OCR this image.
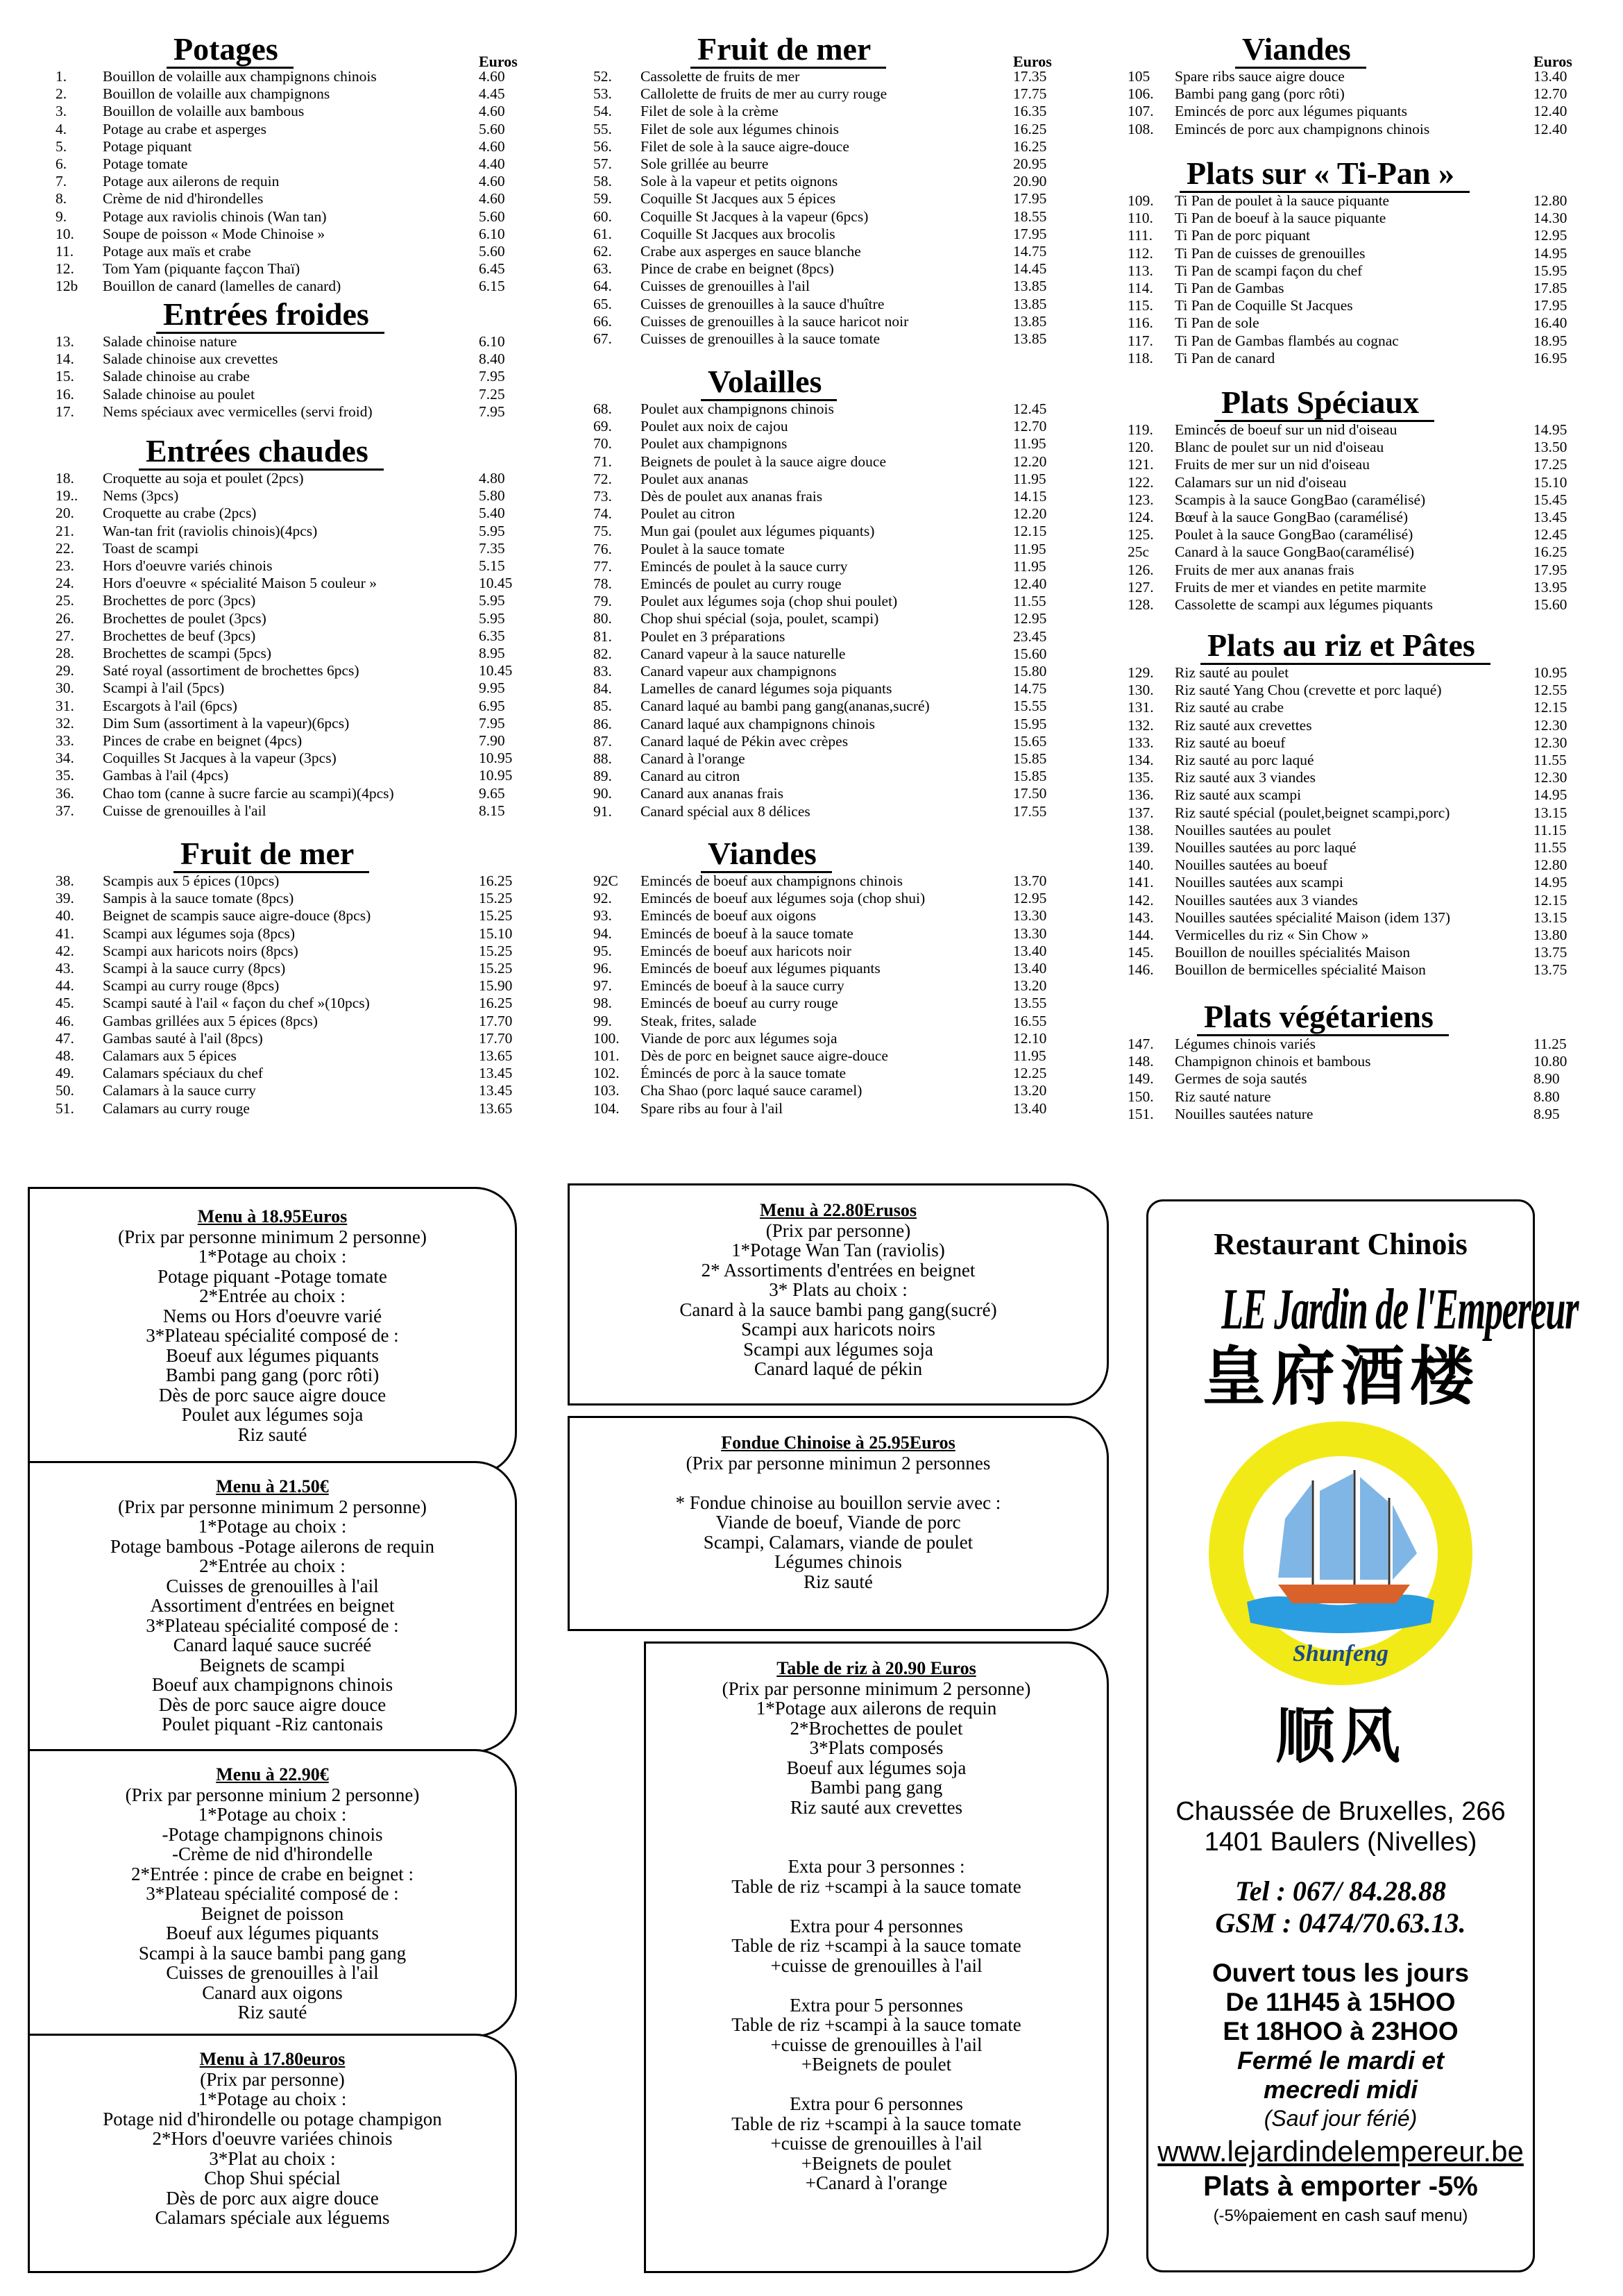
Potages	Euros
1. Bouillon de volaille aux champignons chinois	4.60
2. Bouillon de volaille aux champignons	4.45
3. Bouillon de volaille aux bambous	4.60
4. Potage au crabe et asperges	5.60
5. Potage piquant	4.60
6. Potage tomate	4.40
7. Potage aux ailerons de requin	4.60
8. Crème de nid d'hirondelles	4.60
9. Potage aux raviolis chinois (Wan tan)	5.60
10. Soupe de poisson « Mode Chinoise »	6.10
11. Potage aux maïs et crabe	5.60
12. Tom Yam (piquante façcon Thaï)	6.45
12b Bouillon de canard (lamelles de canard)	6.15
Entrées froides
13. Salade chinoise nature	6.10
14. Salade chinoise aux crevettes	8.40
15. Salade chinoise au crabe	7.95
16. Salade chinoise au poulet	7.25
17. Nems spéciaux avec vermicelles (servi froid)	7.95
Entrées chaudes
18. Croquette au soja et poulet (2pcs)	4.80
19.. Nems (3pcs)	5.80
20. Croquette au crabe (2pcs)	5.40
21. Wan-tan frit (raviolis chinois)(4pcs)	5.95
22. Toast de scampi	7.35
23. Hors d'oeuvre variés chinois	5.15
24. Hors d'oeuvre « spécialité Maison 5 couleur »	10.45
25. Brochettes de porc (3pcs)	5.95
26. Brochettes de poulet (3pcs)	5.95
27. Brochettes de beuf (3pcs)	6.35
28. Brochettes de scampi (5pcs)	8.95
29. Saté royal (assortiment de brochettes 6pcs)	10.45
30. Scampi à l'ail (5pcs)	9.95
31. Escargots à l'ail (6pcs)	6.95
32. Dim Sum (assortiment à la vapeur)(6pcs)	7.95
33. Pinces de crabe en beignet (4pcs)	7.90
34. Coquilles St Jacques à la vapeur (3pcs)	10.95
35. Gambas à l'ail (4pcs)	10.95
36. Chao tom (canne à sucre farcie au scampi)(4pcs)	9.65
37. Cuisse de grenouilles à l'ail	8.15
Fruit de mer
38. Scampis aux 5 épices (10pcs)	16.25
39. Sampis à la sauce tomate (8pcs)	15.25
40. Beignet de scampis sauce aigre-douce (8pcs)	15.25
41. Scampi aux légumes soja (8pcs)	15.10
42. Scampi aux haricots noirs (8pcs)	15.25
43. Scampi à la sauce curry (8pcs)	15.25
44. Scampi au curry rouge (8pcs)	15.90
45. Scampi sauté à l'ail « façon du chef »(10pcs)	16.25
46. Gambas grillées aux 5 épices (8pcs)	17.70
47. Gambas sauté à l'ail (8pcs)	17.70
48. Calamars aux 5 épices	13.65
49. Calamars spéciaux du chef	13.45
50. Calamars à la sauce curry	13.45
51. Calamars au curry rouge	13.65
Fruit de mer	Euros
52. Cassolette de fruits de mer	17.35
53. Callolette de fruits de mer au curry rouge	17.75
54. Filet de sole à la crème	16.35
55. Filet de sole aux légumes chinois	16.25
56. Filet de sole à la sauce aigre-douce	16.25
57. Sole grillée au beurre	20.95
58. Sole à la vapeur et petits oignons	20.90
59. Coquille St Jacques aux 5 épices	17.95
60. Coquille St Jacques à la vapeur (6pcs)	18.55
61. Coquille St Jacques aux brocolis	17.95
62. Crabe aux asperges en sauce blanche	14.75
63. Pince de crabe en beignet (8pcs)	14.45
64. Cuisses de grenouilles à l'ail	13.85
65. Cuisses de grenouilles à la sauce d'huître	13.85
66. Cuisses de grenouilles à la sauce haricot noir	13.85
67. Cuisses de grenouilles à la sauce tomate	13.85
Volailles
68. Poulet aux champignons chinois	12.45
69. Poulet aux noix de cajou	12.70
70. Poulet aux champignons	11.95
71. Beignets de poulet à la sauce aigre douce	12.20
72. Poulet aux ananas	11.95
73. Dès de poulet aux ananas frais	14.15
74. Poulet au citron	12.20
75. Mun gai (poulet aux légumes piquants)	12.15
76. Poulet à la sauce tomate	11.95
77. Emincés de poulet à la sauce curry	11.95
78. Emincés de poulet au curry rouge	12.40
79. Poulet aux légumes soja (chop shui poulet)	11.55
80. Chop shui spécial (soja, poulet, scampi)	12.95
81. Poulet en 3 préparations	23.45
82. Canard vapeur à la sauce naturelle	15.60
83. Canard vapeur aux champignons	15.80
84. Lamelles de canard légumes soja piquants	14.75
85. Canard laqué au bambi pang gang(ananas,sucré)	15.55
86. Canard laqué aux champignons chinois	15.95
87. Canard laqué de Pékin avec crèpes	15.65
88. Canard à l'orange	15.85
89. Canard au citron	15.85
90. Canard aux ananas frais	17.50
91. Canard spécial aux 8 délices	17.55
Viandes
92C Emincés de boeuf aux champignons chinois	13.70
92. Emincés de boeuf aux légumes soja (chop shui)	12.95
93. Emincés de boeuf aux oigons	13.30
94. Emincés de boeuf à la sauce tomate	13.30
95. Emincés de boeuf aux haricots noir	13.40
96. Emincés de boeuf aux légumes piquants	13.40
97. Emincés de boeuf à la sauce curry	13.20
98. Emincés de boeuf au curry rouge	13.55
99. Steak, frites, salade	16.55
100. Viande de porc aux légumes soja	12.10
101. Dès de porc en beignet sauce aigre-douce	11.95
102. Émincés de porc à la sauce tomate	12.25
103. Cha Shao (porc laqué sauce caramel)	13.20
104. Spare ribs au four à l'ail	13.40
Viandes	Euros
105 Spare ribs sauce aigre douce	13.40
106. Bambi pang gang (porc rôti)	12.70
107. Emincés de porc aux légumes piquants	12.40
108. Emincés de porc aux champignons chinois	12.40
Plats sur « Ti-Pan »
109. Ti Pan de poulet à la sauce piquante	12.80
110. Ti Pan de boeuf à la sauce piquante	14.30
111. Ti Pan de porc piquant	12.95
112. Ti Pan de cuisses de grenouilles	14.95
113. Ti Pan de scampi façon du chef	15.95
114. Ti Pan de Gambas	17.85
115. Ti Pan de Coquille St Jacques	17.95
116. Ti Pan de sole	16.40
117. Ti Pan de Gambas flambés au cognac	18.95
118. Ti Pan de canard	16.95
Plats Spéciaux
119. Emincés de boeuf sur un nid d'oiseau	14.95
120. Blanc de poulet sur un nid d'oiseau	13.50
121. Fruits de mer sur un nid d'oiseau	17.25
122. Calamars sur un nid d'oiseau	15.10
123. Scampis à la sauce GongBao (caramélisé)	15.45
124. Bœuf à la sauce GongBao (caramélisé)	13.45
125. Poulet à la sauce GongBao (caramélisé)	12.45
25c Canard à la sauce GongBao(caramélisé)	16.25
126. Fruits de mer aux ananas frais	17.95
127. Fruits de mer et viandes en petite marmite	13.95
128. Cassolette de scampi aux légumes piquants	15.60
Plats au riz et Pâtes
129. Riz sauté au poulet	10.95
130. Riz sauté Yang Chou (crevette et porc laqué)	12.55
131. Riz sauté au crabe	12.15
132. Riz sauté aux crevettes	12.30
133. Riz sauté au boeuf	12.30
134. Riz sauté au porc laqué	11.55
135. Riz sauté aux 3 viandes	12.30
136. Riz sauté aux scampi	14.95
137. Riz sauté spécial (poulet,beignet scampi,porc)	13.15
138. Nouilles sautées au poulet	11.15
139. Nouilles sautées au porc laqué	11.55
140. Nouilles sautées au boeuf	12.80
141. Nouilles sautées aux scampi	14.95
142. Nouilles sautées aux 3 viandes	12.15
143. Nouilles sautées spécialité Maison (idem 137)	13.15
144. Vermicelles du riz « Sin Chow »	13.80
145. Bouillon de nouilles spécialités Maison	13.75
146. Bouillon de bermicelles spécialité Maison	13.75
Plats végétariens
147. Légumes chinois variés	11.25
148. Champignon chinois et bambous	10.80
149. Germes de soja sautés	8.90
150. Riz sauté nature	8.80
151. Nouilles sautées nature	8.95
Menu à 18.95Euros
(Prix par personne minimum 2 personne)
1*Potage au choix :
Potage piquant -Potage tomate
2*Entrée au choix :
Nems ou Hors d'oeuvre varié
3*Plateau spécialité composé de :
Boeuf aux légumes piquants
Bambi pang gang (porc rôti)
Dès de porc sauce aigre douce
Poulet aux légumes soja
Riz sauté
Menu à 21.50€
(Prix par personne minimum 2 personne)
1*Potage au choix :
Potage bambous -Potage ailerons de requin
2*Entrée au choix :
Cuisses de grenouilles à l'ail
Assortiment d'entrées en beignet
3*Plateau spécialité composé de :
Canard laqué sauce sucréé
Beignets de scampi
Boeuf aux champignons chinois
Dès de porc sauce aigre douce
Poulet piquant -Riz cantonais
Menu à 22.90€
(Prix par personne minium 2 personne)
1*Potage au choix :
-Potage champignons chinois
-Crème de nid d'hirondelle
2*Entrée : pince de crabe en beignet :
3*Plateau spécialité composé de :
Beignet de poisson
Boeuf aux légumes piquants
Scampi à la sauce bambi pang gang
Cuisses de grenouilles à l'ail
Canard aux oigons
Riz sauté
Menu à 17.80euros
(Prix par personne)
1*Potage au choix :
Potage nid d'hirondelle ou potage champigon
2*Hors d'oeuvre variées chinois
3*Plat au choix :
Chop Shui spécial
Dès de porc aux aigre douce
Calamars spéciale aux léguems
Menu à 22.80Erusos
(Prix par personne)
1*Potage Wan Tan (raviolis)
2* Assortiments d'entrées en beignet
3* Plats au choix :
Canard à la sauce bambi pang gang(sucré)
Scampi aux haricots noirs
Scampi aux légumes soja
Canard laqué de pékin
Fondue Chinoise à 25.95Euros
(Prix par personne minimun 2 personnes
* Fondue chinoise au bouillon servie avec :
Viande de boeuf, Viande de porc
Scampi, Calamars, viande de poulet
Légumes chinois
Riz sauté
Table de riz à 20.90 Euros
(Prix par personne minimum 2 personne)
1*Potage aux ailerons de requin
2*Brochettes de poulet
3*Plats composés
Boeuf aux légumes soja
Bambi pang gang
Riz sauté aux crevettes
Exta pour 3 personnes :
Table de riz +scampi à la sauce tomate
Extra pour 4 personnes
Table de riz +scampi à la sauce tomate
+cuisse de grenouilles à l'ail
Extra pour 5 personnes
Table de riz +scampi à la sauce tomate
+cuisse de grenouilles à l'ail
+Beignets de poulet
Extra pour 6 personnes
Table de riz +scampi à la sauce tomate
+cuisse de grenouilles à l'ail
+Beignets de poulet
+Canard à l'orange
Restaurant Chinois
LE Jardin de l'Empereur
皇府酒楼
Shunfeng
顺风
Chaussée de Bruxelles, 266
1401 Baulers (Nivelles)
Tel : 067/ 84.28.88
GSM : 0474/70.63.13.
Ouvert tous les jours
De 11H45 à 15HOO
Et 18HOO à 23HOO
Fermé le mardi et
mecredi midi
(Sauf jour férié)
www.lejardindelempereur.be
Plats à emporter -5%
(-5%paiement en cash sauf menu)
